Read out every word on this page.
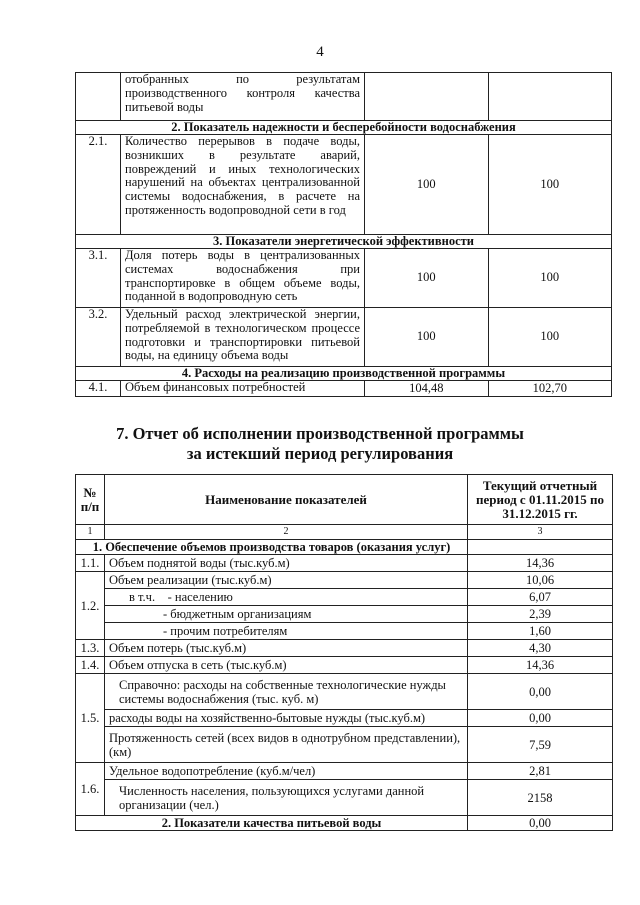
4
	отобранных по результатам производственного контроля качества питьевой воды		
2. Показатель надежности и бесперебойности водоснабжения			
2.1.	Количество перерывов в подаче воды, возникших в результате аварий, повреждений и иных технологических нарушений на объектах централизованной системы водоснабжения, в расчете на протяженность водопроводной сети в год	100	100
3. Показатели энергетической эффективности			
3.1.	Доля потерь воды в централизованных системах водоснабжения при транспортировке в общем объеме воды, поданной в водопроводную сеть	100	100
3.2.	Удельный расход электрической энергии, потребляемой в технологическом процессе подготовки и транспортировки питьевой воды, на единицу объема воды	100	100
4. Расходы на реализацию производственной программы			
4.1.	Объем финансовых потребностей	104,48	102,70
7. Отчет об исполнении производственной программы
за истекший период регулирования
№ п/п	Наименование показателей	Текущий отчетный период с 01.11.2015 по 31.12.2015 гг.
1	2	3
1. Обеспечение объемов производства товаров (оказания услуг)		
1.1.	Объем поднятой воды (тыс.куб.м)	14,36
1.2.	Объем реализации (тыс.куб.м)	10,06
	в т.ч.    - населению	6,07
	- бюджетным организациям	2,39
	- прочим потребителям	1,60
1.3.	Объем потерь (тыс.куб.м)	4,30
1.4.	Объем отпуска в сеть (тыс.куб.м)	14,36
1.5.	Справочно: расходы на собственные технологические нужды системы водоснабжения (тыс. куб. м)	0,00
	расходы воды на хозяйственно-бытовые нужды (тыс.куб.м)	0,00
	Протяженность сетей (всех видов в однотрубном представлении), (км)	7,59
1.6.	Удельное водопотребление (куб.м/чел)	2,81
	Численность населения, пользующихся услугами данной организации (чел.)	2158
2. Показатели качества питьевой воды		0,00
